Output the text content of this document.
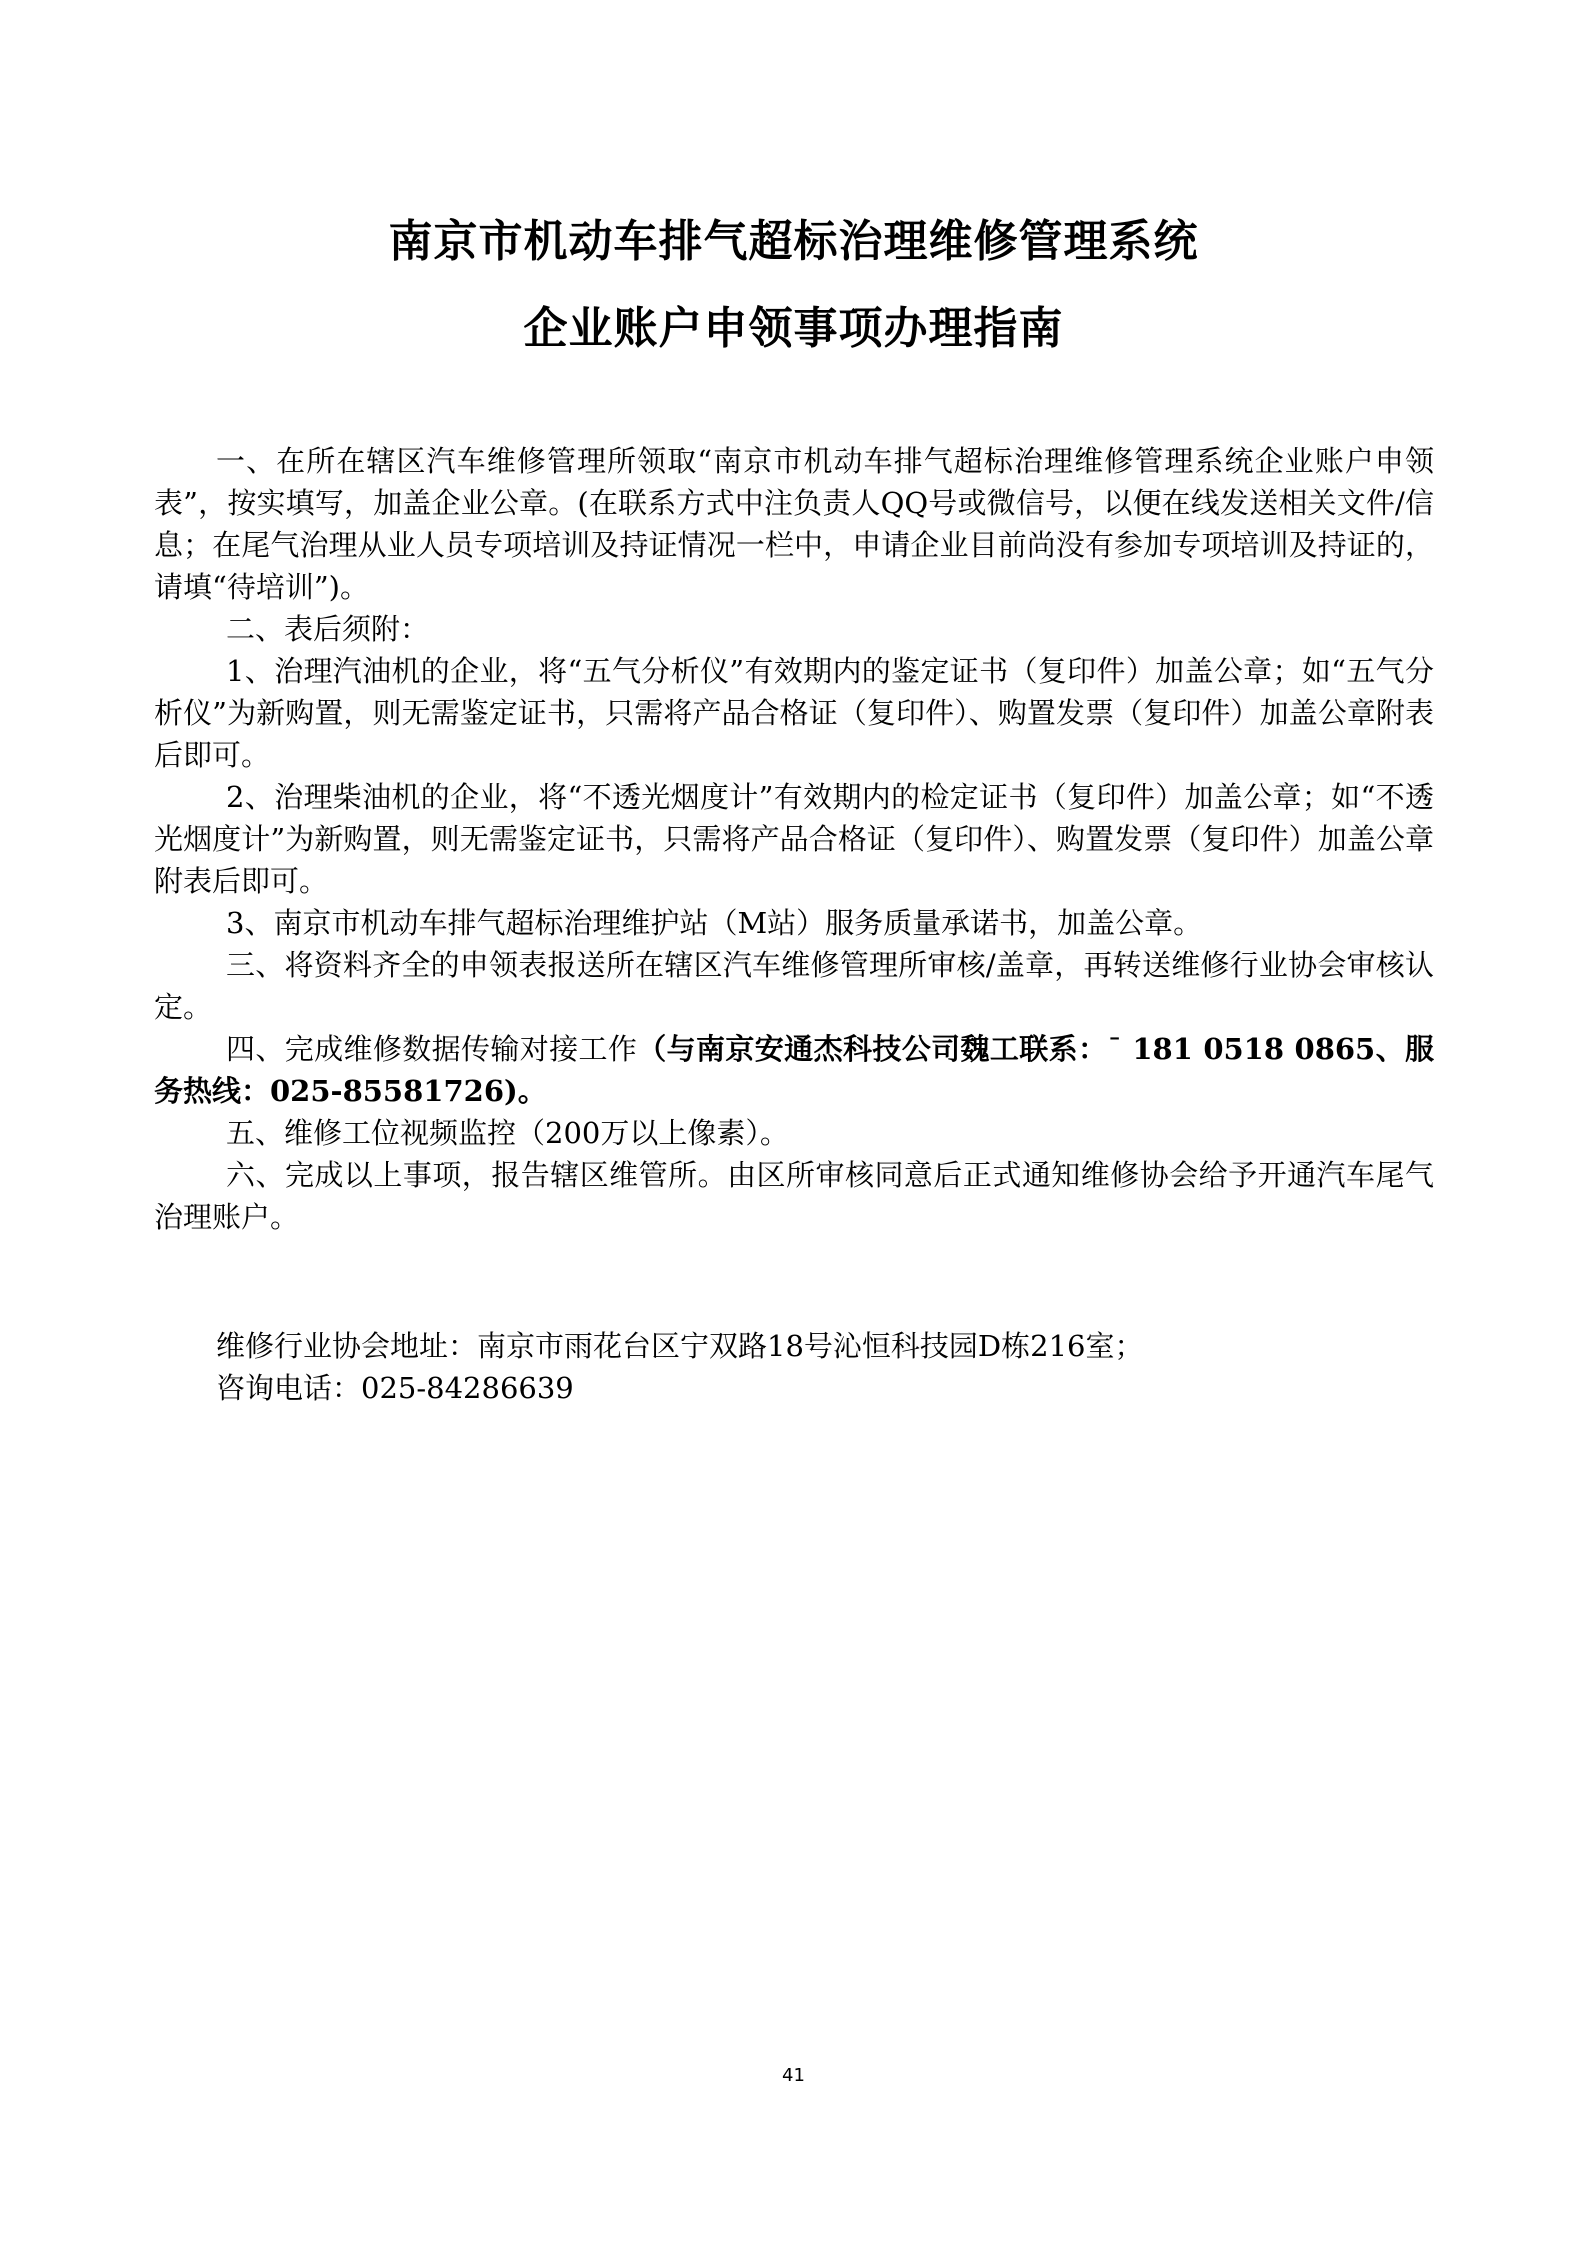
南京市机动车排气超标治理维修管理系统
企业账户申领事项办理指南

一、在所在辖区汽车维修管理所领取“南京市机动车排气超标治理维修管理系统企业账户申领表”，按实填写，加盖企业公章。(在联系方式中注负责人QQ号或微信号，以便在线发送相关文件/信息；在尾气治理从业人员专项培训及持证情况一栏中，申请企业目前尚没有参加专项培训及持证的，请填“待培训”)。

二、表后须附：

1、治理汽油机的企业，将“五气分析仪”有效期内的鉴定证书（复印件）加盖公章；如“五气分析仪”为新购置，则无需鉴定证书，只需将产品合格证（复印件）、购置发票（复印件）加盖公章附表后即可。

2、治理柴油机的企业，将“不透光烟度计”有效期内的检定证书（复印件）加盖公章；如“不透光烟度计”为新购置，则无需鉴定证书，只需将产品合格证（复印件）、购置发票（复印件）加盖公章附表后即可。

3、南京市机动车排气超标治理维护站（M站）服务质量承诺书，加盖公章。

三、将资料齐全的申领表报送所在辖区汽车维修管理所审核/盖章，再转送维修行业协会审核认定。

四、完成维修数据传输对接工作（与南京安通杰科技公司魏工联系：ˉ 181 0518 0865、服务热线：025-85581726)。

五、维修工位视频监控（200万以上像素）。

六、完成以上事项，报告辖区维管所。由区所审核同意后正式通知维修协会给予开通汽车尾气治理账户。

维修行业协会地址：南京市雨花台区宁双路18号沁恒科技园D栋216室；

咨询电话：025-84286639

41
